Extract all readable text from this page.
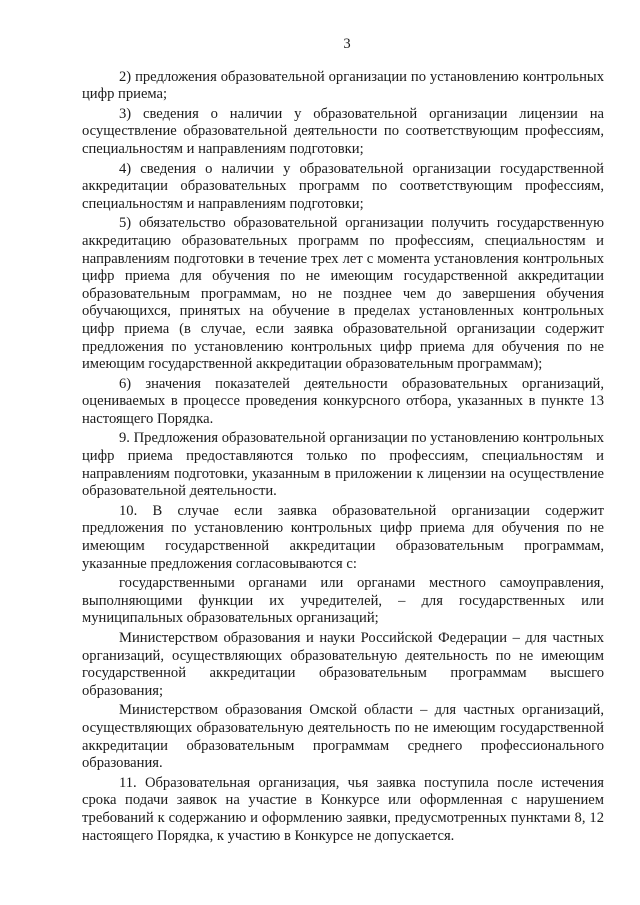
3

2) предложения образовательной организации по установлению контрольных цифр приема;

3) сведения о наличии у образовательной организации лицензии на осуществление образовательной деятельности по соответствующим профессиям, специальностям и направлениям подготовки;

4) сведения о наличии у образовательной организации государственной аккредитации образовательных программ по соответствующим профессиям, специальностям и направлениям подготовки;

5) обязательство образовательной организации получить государственную аккредитацию образовательных программ по профессиям, специальностям и направлениям подготовки в течение трех лет с момента установления контрольных цифр приема для обучения по не имеющим государственной аккредитации образовательным программам, но не позднее чем до завершения обучения обучающихся, принятых на обучение в пределах установленных контрольных цифр приема (в случае, если заявка образовательной организации содержит предложения по установлению контрольных цифр приема для обучения по не имеющим государственной аккредитации образовательным программам);

6) значения показателей деятельности образовательных организаций, оцениваемых в процессе проведения конкурсного отбора, указанных в пункте 13 настоящего Порядка.

9. Предложения образовательной организации по установлению контрольных цифр приема предоставляются только по профессиям, специальностям и направлениям подготовки, указанным в приложении к лицензии на осуществление образовательной деятельности.

10. В случае если заявка образовательной организации содержит предложения по установлению контрольных цифр приема для обучения по не имеющим государственной аккредитации образовательным программам, указанные предложения согласовываются с:

государственными органами или органами местного самоуправления, выполняющими функции их учредителей, – для государственных или муниципальных образовательных организаций;

Министерством образования и науки Российской Федерации – для частных организаций, осуществляющих образовательную деятельность по не имеющим государственной аккредитации образовательным программам высшего образования;

Министерством образования Омской области – для частных организаций, осуществляющих образовательную деятельность по не имеющим государственной аккредитации образовательным программам среднего профессионального образования.

11. Образовательная организация, чья заявка поступила после истечения срока подачи заявок на участие в Конкурсе или оформленная с нарушением требований к содержанию и оформлению заявки, предусмотренных пунктами 8, 12 настоящего Порядка, к участию в Конкурсе не допускается.
